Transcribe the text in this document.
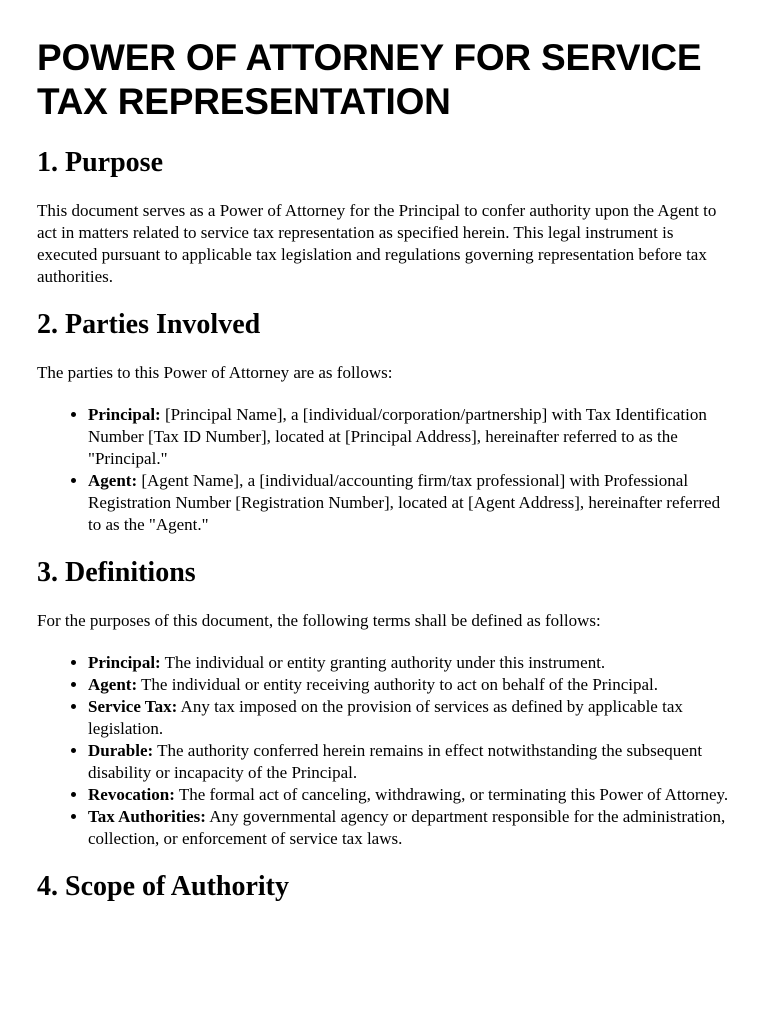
POWER OF ATTORNEY FOR SERVICE TAX REPRESENTATION
1. Purpose

This document serves as a Power of Attorney for the Principal to confer authority upon the Agent to act in matters related to service tax representation as specified herein. This legal instrument is executed pursuant to applicable tax legislation and regulations governing representation before tax authorities.

2. Parties Involved

The parties to this Power of Attorney are as follows:

• Principal: [Principal Name], a [individual/corporation/partnership] with Tax Identification Number [Tax ID Number], located at [Principal Address], hereinafter referred to as the "Principal."
• Agent: [Agent Name], a [individual/accounting firm/tax professional] with Professional Registration Number [Registration Number], located at [Agent Address], hereinafter referred to as the "Agent."
3. Definitions

For the purposes of this document, the following terms shall be defined as follows:

• Principal: The individual or entity granting authority under this instrument.
• Agent: The individual or entity receiving authority to act on behalf of the Principal.
• Service Tax: Any tax imposed on the provision of services as defined by applicable tax legislation.
• Durable: The authority conferred herein remains in effect notwithstanding the subsequent disability or incapacity of the Principal.
• Revocation: The formal act of canceling, withdrawing, or terminating this Power of Attorney.
• Tax Authorities: Any governmental agency or department responsible for the administration, collection, or enforcement of service tax laws.
4. Scope of Authority
